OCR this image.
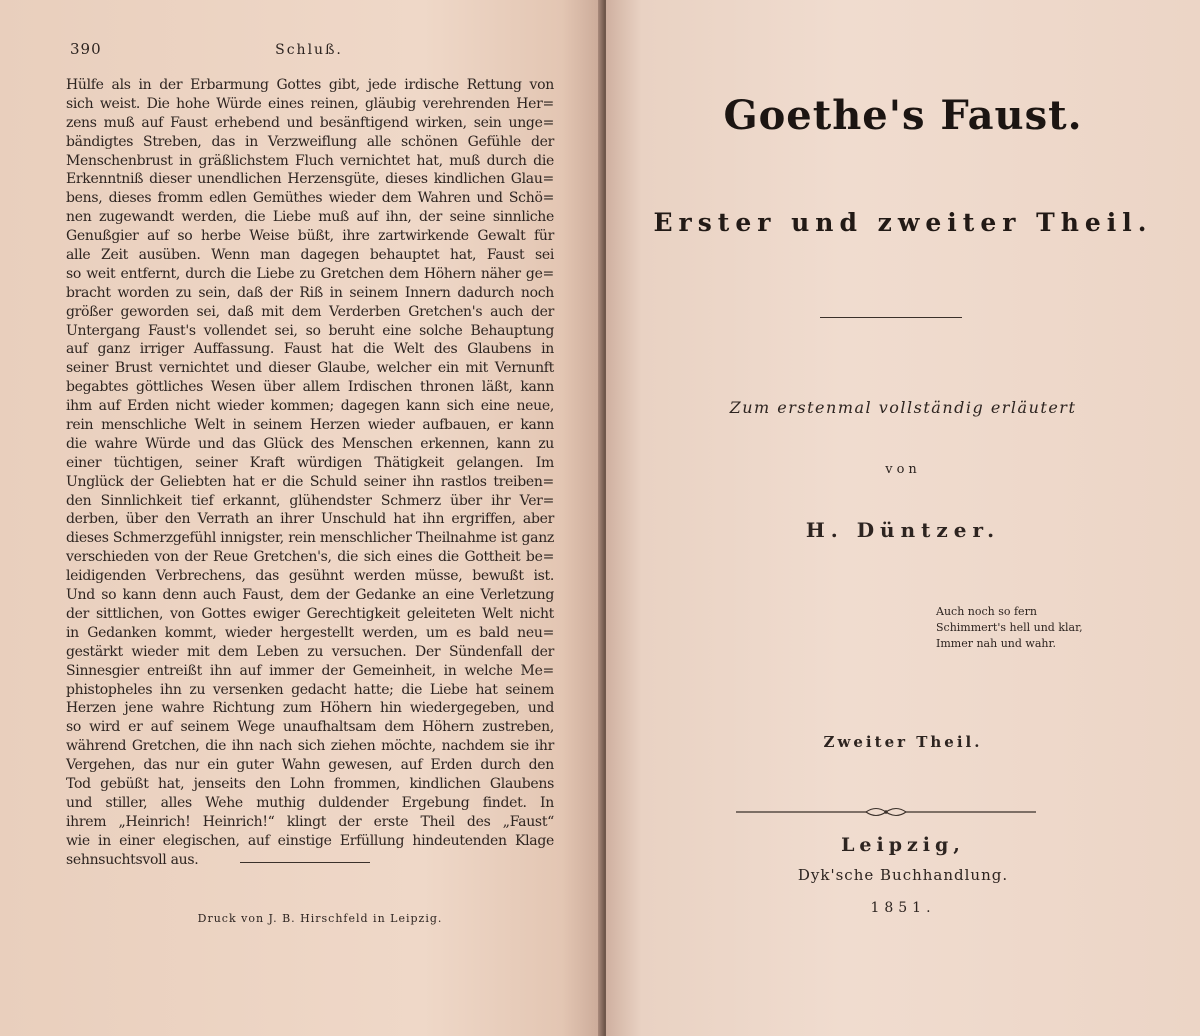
390	Schluß.
Hülfe als in der Erbarmung Gottes gibt, jede irdische Rettung von
sich weist. Die hohe Würde eines reinen, gläubig verehrenden Her=
zens muß auf Faust erhebend und besänftigend wirken, sein unge=
bändigtes Streben, das in Verzweiflung alle schönen Gefühle der
Menschenbrust in gräßlichstem Fluch vernichtet hat, muß durch die
Erkenntniß dieser unendlichen Herzensgüte, dieses kindlichen Glau=
bens, dieses fromm edlen Gemüthes wieder dem Wahren und Schö=
nen zugewandt werden, die Liebe muß auf ihn, der seine sinnliche
Genußgier auf so herbe Weise büßt, ihre zartwirkende Gewalt für
alle Zeit ausüben. Wenn man dagegen behauptet hat, Faust sei
so weit entfernt, durch die Liebe zu Gretchen dem Höhern näher ge=
bracht worden zu sein, daß der Riß in seinem Innern dadurch noch
größer geworden sei, daß mit dem Verderben Gretchen's auch der
Untergang Faust's vollendet sei, so beruht eine solche Behauptung
auf ganz irriger Auffassung. Faust hat die Welt des Glaubens in
seiner Brust vernichtet und dieser Glaube, welcher ein mit Vernunft
begabtes göttliches Wesen über allem Irdischen thronen läßt, kann
ihm auf Erden nicht wieder kommen; dagegen kann sich eine neue,
rein menschliche Welt in seinem Herzen wieder aufbauen, er kann
die wahre Würde und das Glück des Menschen erkennen, kann zu
einer tüchtigen, seiner Kraft würdigen Thätigkeit gelangen. Im
Unglück der Geliebten hat er die Schuld seiner ihn rastlos treiben=
den Sinnlichkeit tief erkannt, glühendster Schmerz über ihr Ver=
derben, über den Verrath an ihrer Unschuld hat ihn ergriffen, aber
dieses Schmerzgefühl innigster, rein menschlicher Theilnahme ist ganz
verschieden von der Reue Gretchen's, die sich eines die Gottheit be=
leidigenden Verbrechens, das gesühnt werden müsse, bewußt ist.
Und so kann denn auch Faust, dem der Gedanke an eine Verletzung
der sittlichen, von Gottes ewiger Gerechtigkeit geleiteten Welt nicht
in Gedanken kommt, wieder hergestellt werden, um es bald neu=
gestärkt wieder mit dem Leben zu versuchen. Der Sündenfall der
Sinnesgier entreißt ihn auf immer der Gemeinheit, in welche Me=
phistopheles ihn zu versenken gedacht hatte; die Liebe hat seinem
Herzen jene wahre Richtung zum Höhern hin wiedergegeben, und
so wird er auf seinem Wege unaufhaltsam dem Höhern zustreben,
während Gretchen, die ihn nach sich ziehen möchte, nachdem sie ihr
Vergehen, das nur ein guter Wahn gewesen, auf Erden durch den
Tod gebüßt hat, jenseits den Lohn frommen, kindlichen Glaubens
und stiller, alles Wehe muthig duldender Ergebung findet. In
ihrem „Heinrich! Heinrich!“ klingt der erste Theil des „Faust“
wie in einer elegischen, auf einstige Erfüllung hindeutenden Klage
sehnsuchtsvoll aus.
Druck von J. B. Hirschfeld in Leipzig.
Goethe's Faust.
Erster und zweiter Theil.
Zum erstenmal vollständig erläutert
von
H. Düntzer.
Auch noch so fern
Schimmert's hell und klar,
Immer nah und wahr.
Zweiter Theil.
Leipzig,
Dyk'sche Buchhandlung.
1851.
